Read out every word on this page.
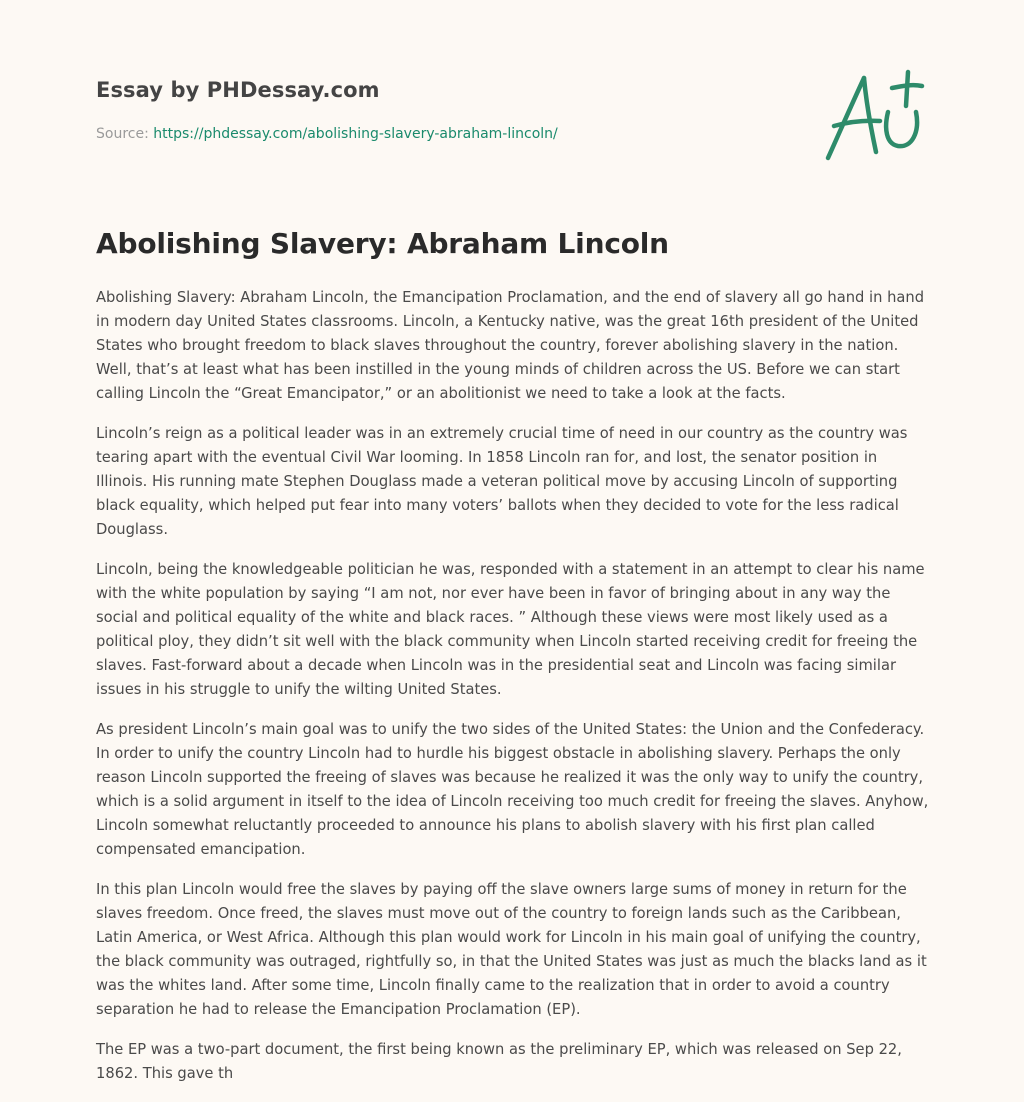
Essay by PHDessay.com
Source: https://phdessay.com/abolishing-slavery-abraham-lincoln/
Abolishing Slavery: Abraham Lincoln

Abolishing Slavery: Abraham Lincoln, the Emancipation Proclamation, and the end of slavery all go hand in hand in modern day United States classrooms. Lincoln, a Kentucky native, was the great 16th president of the United States who brought freedom to black slaves throughout the country, forever abolishing slavery in the nation. Well, that’s at least what has been instilled in the young minds of children across the US. Before we can start calling Lincoln the “Great Emancipator,” or an abolitionist we need to take a look at the facts.

Lincoln’s reign as a political leader was in an extremely crucial time of need in our country as the country was tearing apart with the eventual Civil War looming. In 1858 Lincoln ran for, and lost, the senator position in Illinois. His running mate Stephen Douglass made a veteran political move by accusing Lincoln of supporting black equality, which helped put fear into many voters’ ballots when they decided to vote for the less radical Douglass.

Lincoln, being the knowledgeable politician he was, responded with a statement in an attempt to clear his name with the white population by saying “I am not, nor ever have been in favor of bringing about in any way the social and political equality of the white and black races. ” Although these views were most likely used as a political ploy, they didn’t sit well with the black community when Lincoln started receiving credit for freeing the slaves. Fast-forward about a decade when Lincoln was in the presidential seat and Lincoln was facing similar issues in his struggle to unify the wilting United States.

As president Lincoln’s main goal was to unify the two sides of the United States: the Union and the Confederacy. In order to unify the country Lincoln had to hurdle his biggest obstacle in abolishing slavery. Perhaps the only reason Lincoln supported the freeing of slaves was because he realized it was the only way to unify the country, which is a solid argument in itself to the idea of Lincoln receiving too much credit for freeing the slaves. Anyhow, Lincoln somewhat reluctantly proceeded to announce his plans to abolish slavery with his first plan called compensated emancipation.

In this plan Lincoln would free the slaves by paying off the slave owners large sums of money in return for the slaves freedom. Once freed, the slaves must move out of the country to foreign lands such as the Caribbean, Latin America, or West Africa. Although this plan would work for Lincoln in his main goal of unifying the country, the black community was outraged, rightfully so, in that the United States was just as much the blacks land as it was the whites land. After some time, Lincoln finally came to the realization that in order to avoid a country separation he had to release the Emancipation Proclamation (EP).

The EP was a two-part document, the first being known as the preliminary EP, which was released on Sep 22, 1862. This gave th
